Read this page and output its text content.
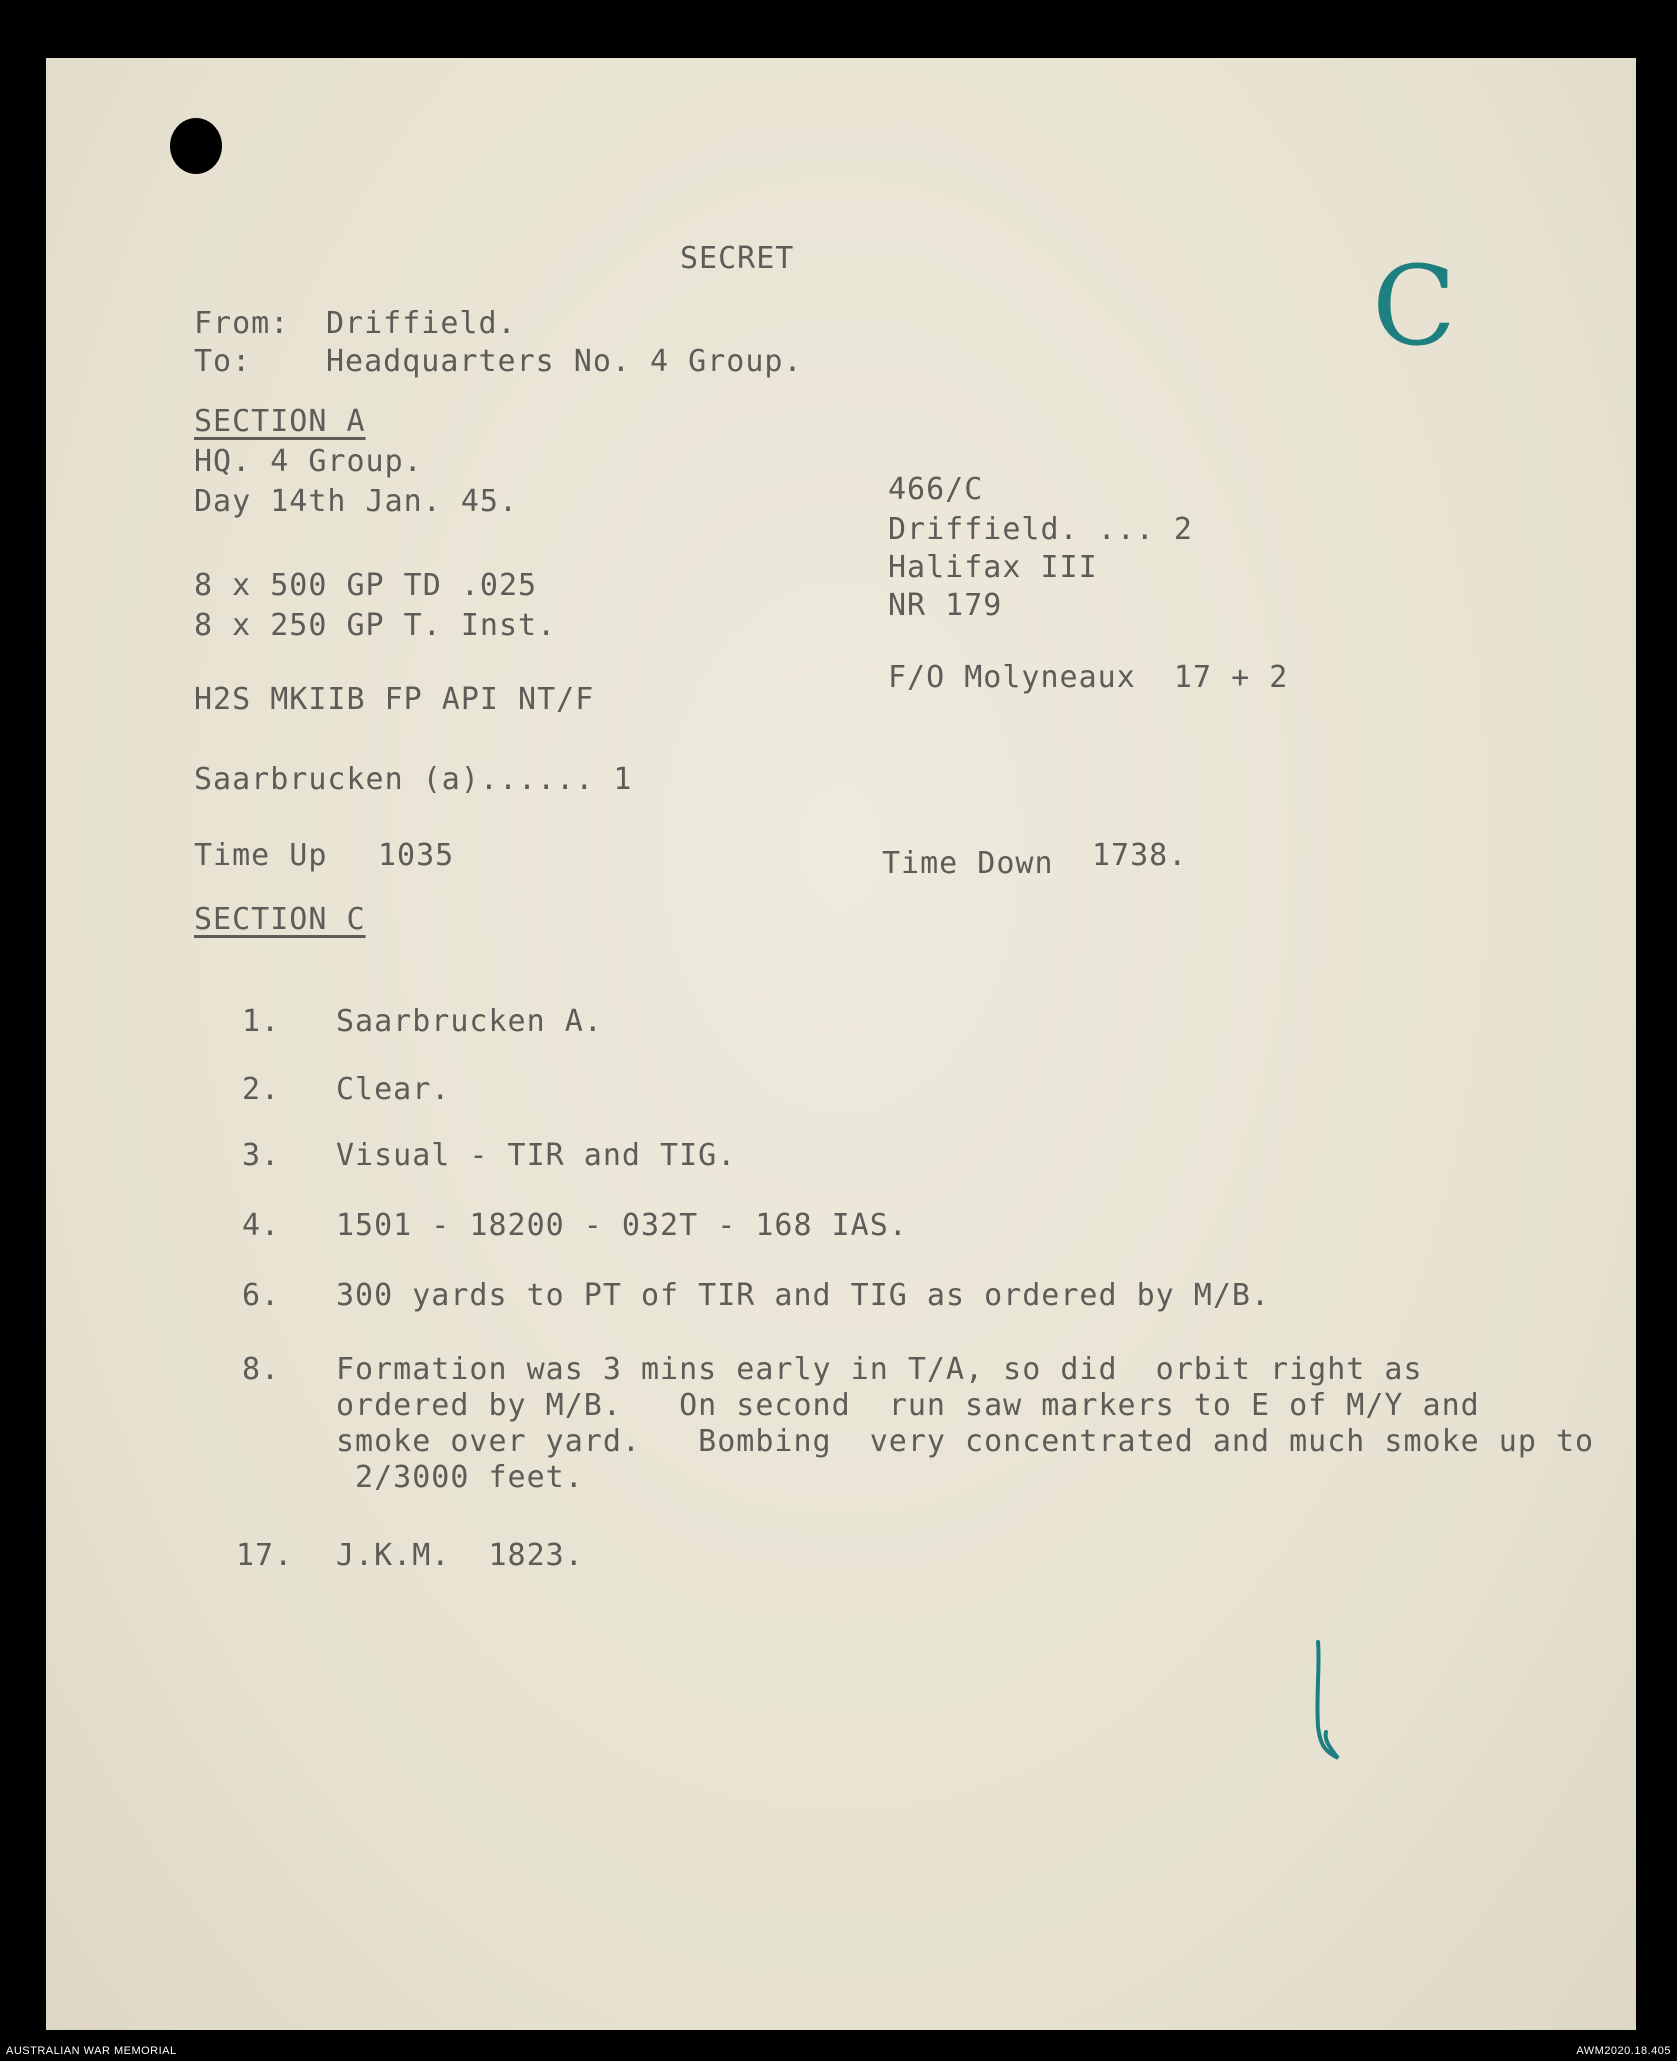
SECRET	C
From: Driffield.
To: Headquarters No. 4 Group.
SECTION A
HQ. 4 Group.
Day 14th Jan. 45.
8 x 500 GP TD .025
8 x 250 GP T. Inst.
H2S MKIIB FP API NT/F
Saarbrucken (a)...... 1
Time Up 1035	Time Down 1738.
466/C
Driffield. ... 2
Halifax III
NR 179
F/O Molyneaux  17 + 2
SECTION C
1. Saarbrucken A.
2. Clear.
3. Visual - TIR and TIG.
4. 1501 - 18200 - 032T - 168 IAS.
6. 300 yards to PT of TIR and TIG as ordered by M/B.
8. Formation was 3 mins early in T/A, so did  orbit right as
ordered by M/B.   On second  run saw markers to E of M/Y and
smoke over yard.   Bombing  very concentrated and much smoke up to
2/3000 feet.
17. J.K.M.  1823.
AUSTRALIAN WAR MEMORIAL	AWM2020.18.405
